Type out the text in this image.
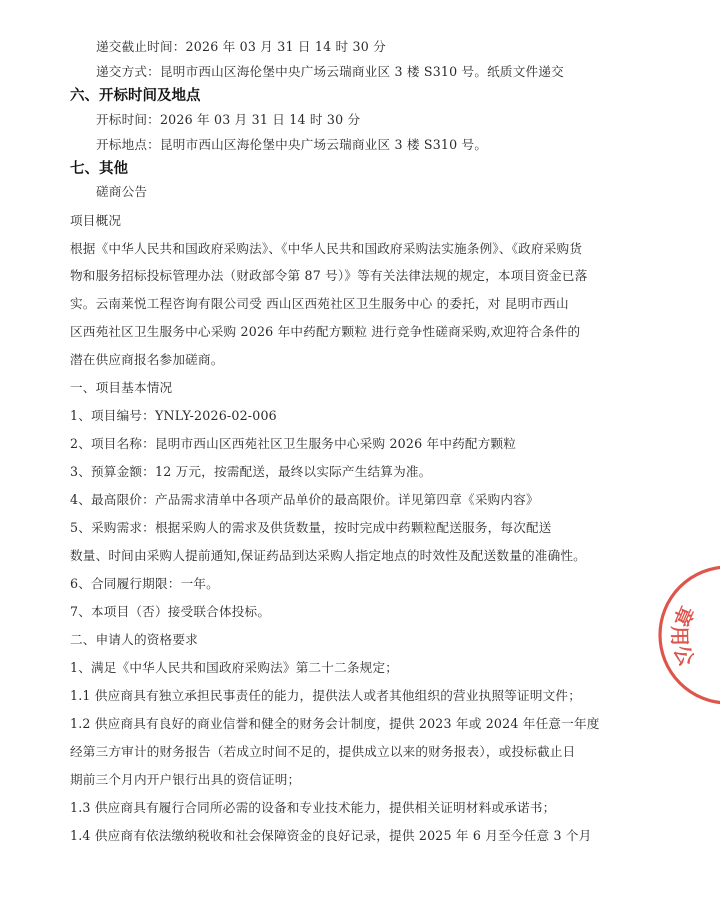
递交截止时间：2026 年 03 月 31 日 14 时 30 分
递交方式：昆明市西山区海伦堡中央广场云瑞商业区 3 楼 S310 号。纸质文件递交
六、开标时间及地点
开标时间：2026 年 03 月 31 日 14 时 30 分
开标地点：昆明市西山区海伦堡中央广场云瑞商业区 3 楼 S310 号。
七、其他
磋商公告
项目概况
根据《中华人民共和国政府采购法》、《中华人民共和国政府采购法实施条例》、《政府采购货
物和服务招标投标管理办法（财政部令第 87 号）》等有关法律法规的规定，本项目资金已落
实。云南莱悦工程咨询有限公司受 西山区西苑社区卫生服务中心 的委托，对 昆明市西山
区西苑社区卫生服务中心采购 2026 年中药配方颗粒 进行竞争性磋商采购,欢迎符合条件的
潜在供应商报名参加磋商。
一、项目基本情况
1、项目编号：YNLY-2026-02-006
2、项目名称：昆明市西山区西苑社区卫生服务中心采购 2026 年中药配方颗粒
3、预算金额：12 万元，按需配送，最终以实际产生结算为准。
4、最高限价：产品需求清单中各项产品单价的最高限价。详见第四章《采购内容》
5、采购需求：根据采购人的需求及供货数量，按时完成中药颗粒配送服务，每次配送
数量、时间由采购人提前通知,保证药品到达采购人指定地点的时效性及配送数量的准确性。
6、合同履行期限：一年。
7、本项目（否）接受联合体投标。
二、申请人的资格要求
1、满足《中华人民共和国政府采购法》第二十二条规定；
1.1 供应商具有独立承担民事责任的能力，提供法人或者其他组织的营业执照等证明文件；
1.2 供应商具有良好的商业信誉和健全的财务会计制度，提供 2023 年或 2024 年任意一年度
经第三方审计的财务报告（若成立时间不足的，提供成立以来的财务报表），或投标截止日
期前三个月内开户银行出具的资信证明；
1.3 供应商具有履行合同所必需的设备和专业技术能力，提供相关证明材料或承诺书；
1.4 供应商有依法缴纳税收和社会保障资金的良好记录，提供 2025 年 6 月至今任意 3 个月
公
用
章
